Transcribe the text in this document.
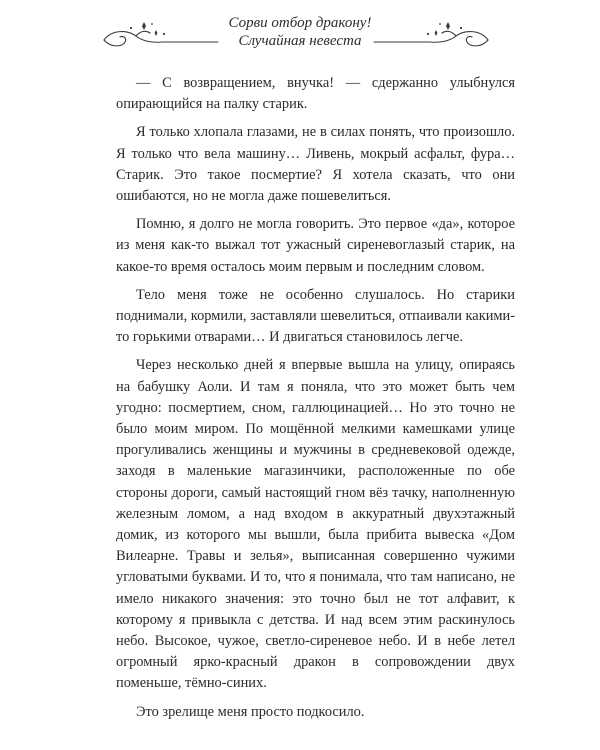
Сорви отбор дракону!
Случайная невеста

— С возвращением, внучка! — сдержанно улыбнулся опирающийся на палку старик.

Я только хлопала глазами, не в силах понять, что произошло. Я только что вела машину… Ливень, мокрый асфальт, фура… Старик. Это такое посмертие? Я хотела сказать, что они ошибаются, но не могла даже пошевелиться.

Помню, я долго не могла говорить. Это первое «да», которое из меня как-то выжал тот ужасный сиреневоглазый старик, на какое-то время осталось моим первым и последним словом.

Тело меня тоже не особенно слушалось. Но старики поднимали, кормили, заставляли шевелиться, отпаивали какими-то горькими отварами… И двигаться становилось легче.

Через несколько дней я впервые вышла на улицу, опираясь на бабушку Аоли. И там я поняла, что это может быть чем угодно: посмертием, сном, галлюцинацией… Но это точно не было моим миром. По мощённой мелкими камешками улице прогуливались женщины и мужчины в средневековой одежде, заходя в маленькие магазинчики, расположенные по обе стороны дороги, самый настоящий гном вёз тачку, наполненную железным ломом, а над входом в аккуратный двухэтажный домик, из которого мы вышли, была прибита вывеска «Дом Вилеарне. Травы и зелья», выписанная совершенно чужими угловатыми буквами. И то, что я понимала, что там написано, не имело никакого значения: это точно был не тот алфавит, к которому я привыкла с детства. И над всем этим раскинулось небо. Высокое, чужое, светло-сиреневое небо. И в небе летел огромный ярко-красный дракон в сопровождении двух поменьше, тёмно-синих.

Это зрелище меня просто подкосило.
